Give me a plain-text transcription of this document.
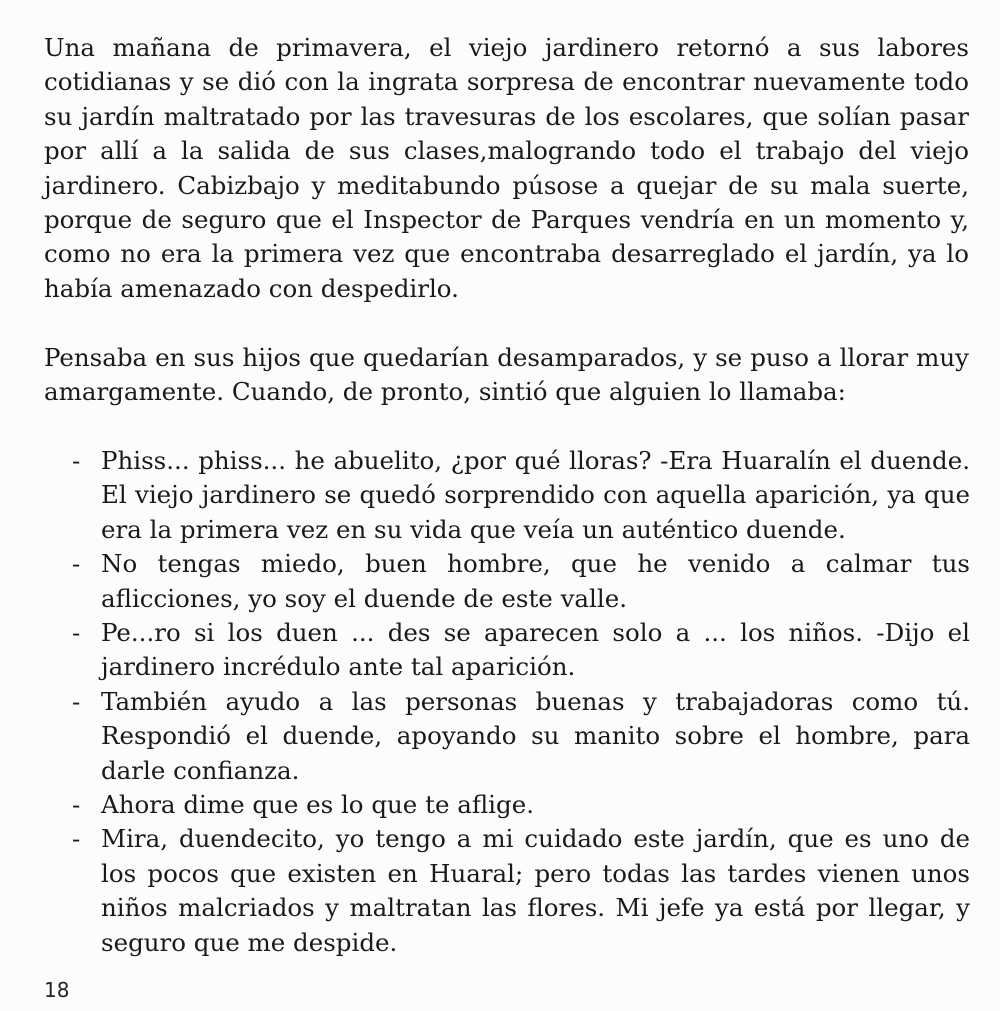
Una mañana de primavera, el viejo jardinero retornó a sus labores cotidianas y se dió con la ingrata sorpresa de encontrar nuevamente todo su jardín maltratado por las travesuras de los escolares, que solían pasar por allí a la salida de sus clases,malogrando todo el trabajo del viejo jardinero. Cabizbajo y meditabundo púsose a quejar de su mala suerte, porque de seguro que el Inspector de Parques vendría en un momento y, como no era la primera vez que encontraba desarreglado el jardín, ya lo había amenazado con despedirlo.

Pensaba en sus hijos que quedarían desamparados, y se puso a llorar muy amargamente. Cuando, de pronto, sintió que alguien lo llamaba:

- Phiss... phiss... he abuelito, ¿por qué lloras? -Era Huaralín el duende. El viejo jardinero se quedó sorprendido con aquella aparición, ya que era la primera vez en su vida que veía un auténtico duende.
- No tengas miedo, buen hombre, que he venido a calmar tus aflicciones, yo soy el duende de este valle.
- Pe...ro si los duen ... des se aparecen solo a ... los niños. -Dijo el jardinero incrédulo ante tal aparición.
- También ayudo a las personas buenas y trabajadoras como tú. Respondió el duende, apoyando su manito sobre el hombre, para darle confianza.
- Ahora dime que es lo que te aflige.
- Mira, duendecito, yo tengo a mi cuidado este jardín, que es uno de los pocos que existen en Huaral; pero todas las tardes vienen unos niños malcriados y maltratan las flores. Mi jefe ya está por llegar, y seguro que me despide.
18
